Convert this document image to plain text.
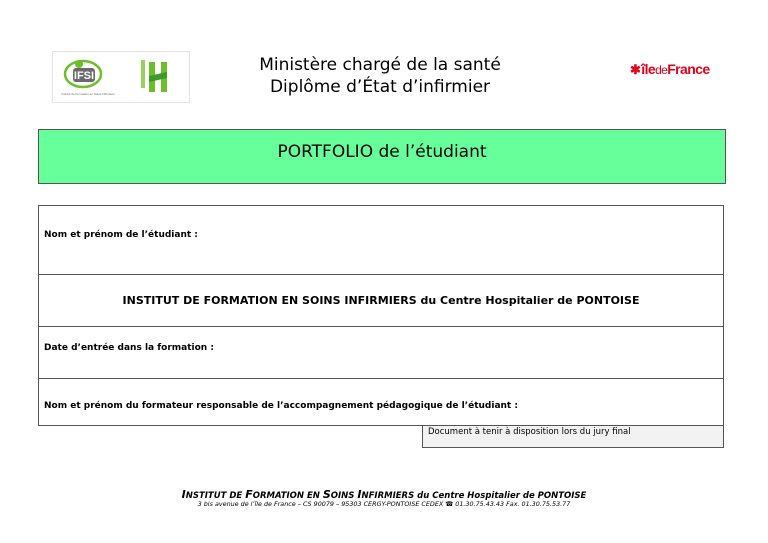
IFSI
Institut de Formation en Soins Infirmiers
Ministère chargé de la santé
Diplôme d’État d’infirmier
✱îledeFrance
PORTFOLIO de l’étudiant
Nom et prénom de l’étudiant :
INSTITUT DE FORMATION EN SOINS INFIRMIERS du Centre Hospitalier de PONTOISE
Date d’entrée dans la formation :
Nom et prénom du formateur responsable de l’accompagnement pédagogique de l’étudiant :
Document à tenir à disposition lors du jury final
INSTITUT DE FORMATION EN SOINS INFIRMIERS du Centre Hospitalier de PONTOISE
3 bis avenue de l’île de France – CS 90079 – 95303 CERGY-PONTOISE CEDEX ☎ 01.30.75.43.43 Fax. 01.30.75.53.77
